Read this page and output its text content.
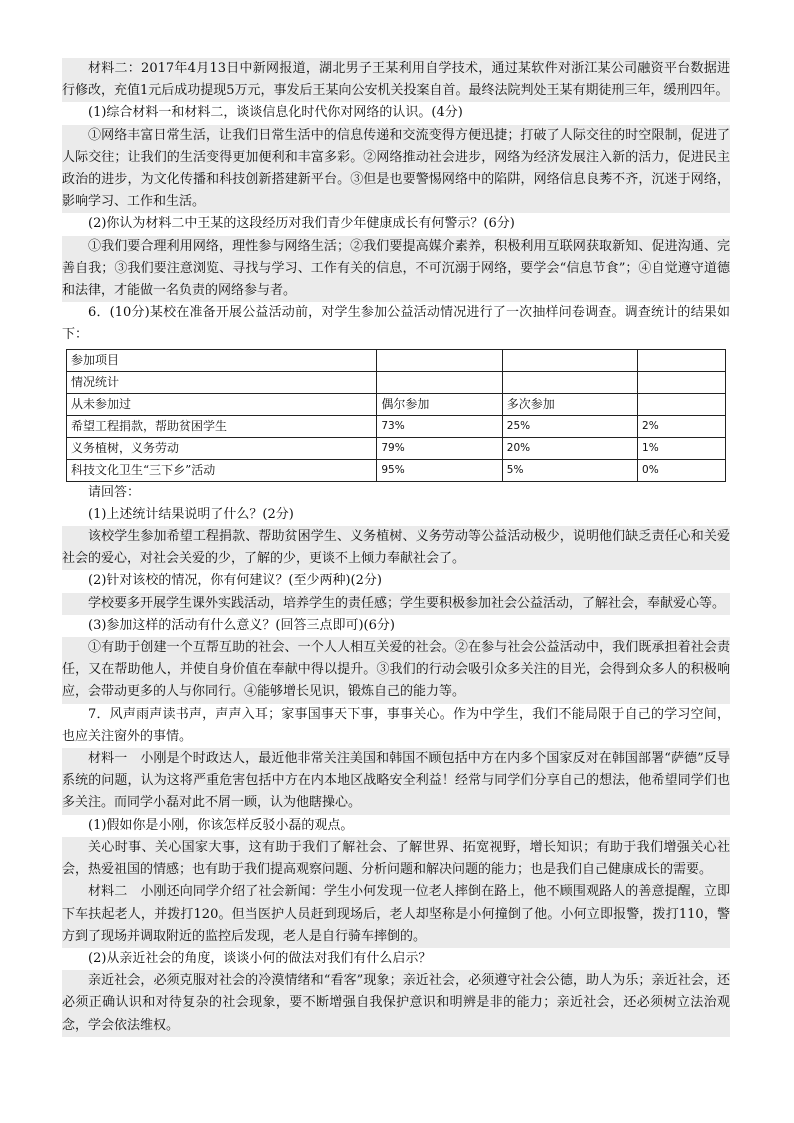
材料二：2017年4月13日中新网报道，湖北男子王某利用自学技术，通过某软件对浙江某公司融资平台数据进行修改，充值1元后成功提现5万元，事发后王某向公安机关投案自首。最终法院判处王某有期徒刑三年，缓刑四年。

(1)综合材料一和材料二，谈谈信息化时代你对网络的认识。(4分)

①网络丰富日常生活，让我们日常生活中的信息传递和交流变得方便迅捷；打破了人际交往的时空限制，促进了人际交往；让我们的生活变得更加便利和丰富多彩。②网络推动社会进步，网络为经济发展注入新的活力，促进民主政治的进步，为文化传播和科技创新搭建新平台。③但是也要警惕网络中的陷阱，网络信息良莠不齐，沉迷于网络，影响学习、工作和生活。

(2)你认为材料二中王某的这段经历对我们青少年健康成长有何警示？(6分)

①我们要合理利用网络，理性参与网络生活；②我们要提高媒介素养，积极利用互联网获取新知、促进沟通、完善自我；③我们要注意浏览、寻找与学习、工作有关的信息，不可沉溺于网络，要学会“信息节食”；④自觉遵守道德和法律，才能做一名负责的网络参与者。

6．(10分)某校在准备开展公益活动前，对学生参加公益活动情况进行了一次抽样问卷调查。调查统计的结果如下：

参加项目			
情况统计			
从未参加过	偶尔参加	多次参加	
希望工程捐款，帮助贫困学生	73%	25%	2%
义务植树，义务劳动	79%	20%	1%
科技文化卫生“三下乡”活动	95%	5%	0%

请回答：

(1)上述统计结果说明了什么？(2分)

该校学生参加希望工程捐款、帮助贫困学生、义务植树、义务劳动等公益活动极少，说明他们缺乏责任心和关爱社会的爱心，对社会关爱的少，了解的少，更谈不上倾力奉献社会了。

(2)针对该校的情况，你有何建议？(至少两种)(2分)

学校要多开展学生课外实践活动，培养学生的责任感；学生要积极参加社会公益活动，了解社会，奉献爱心等。

(3)参加这样的活动有什么意义？(回答三点即可)(6分)

①有助于创建一个互帮互助的社会、一个人人相互关爱的社会。②在参与社会公益活动中，我们既承担着社会责任，又在帮助他人，并使自身价值在奉献中得以提升。③我们的行动会吸引众多关注的目光，会得到众多人的积极响应，会带动更多的人与你同行。④能够增长见识，锻炼自己的能力等。

7．风声雨声读书声，声声入耳；家事国事天下事，事事关心。作为中学生，我们不能局限于自己的学习空间，也应关注窗外的事情。

材料一　小刚是个时政达人，最近他非常关注美国和韩国不顾包括中方在内多个国家反对在韩国部署“萨德”反导系统的问题，认为这将严重危害包括中方在内本地区战略安全利益！经常与同学们分享自己的想法，他希望同学们也多关注。而同学小磊对此不屑一顾，认为他瞎操心。

(1)假如你是小刚，你该怎样反驳小磊的观点。

关心时事、关心国家大事，这有助于我们了解社会、了解世界、拓宽视野，增长知识；有助于我们增强关心社会，热爱祖国的情感；也有助于我们提高观察问题、分析问题和解决问题的能力；也是我们自己健康成长的需要。

材料二　小刚还向同学介绍了社会新闻：学生小何发现一位老人摔倒在路上，他不顾围观路人的善意提醒，立即下车扶起老人，并拨打120。但当医护人员赶到现场后，老人却坚称是小何撞倒了他。小何立即报警，拨打110，警方到了现场并调取附近的监控后发现，老人是自行骑车摔倒的。

(2)从亲近社会的角度，谈谈小何的做法对我们有什么启示？

亲近社会，必须克服对社会的冷漠情绪和“看客”现象；亲近社会，必须遵守社会公德，助人为乐；亲近社会，还必须正确认识和对待复杂的社会现象，要不断增强自我保护意识和明辨是非的能力；亲近社会，还必须树立法治观念，学会依法维权。
